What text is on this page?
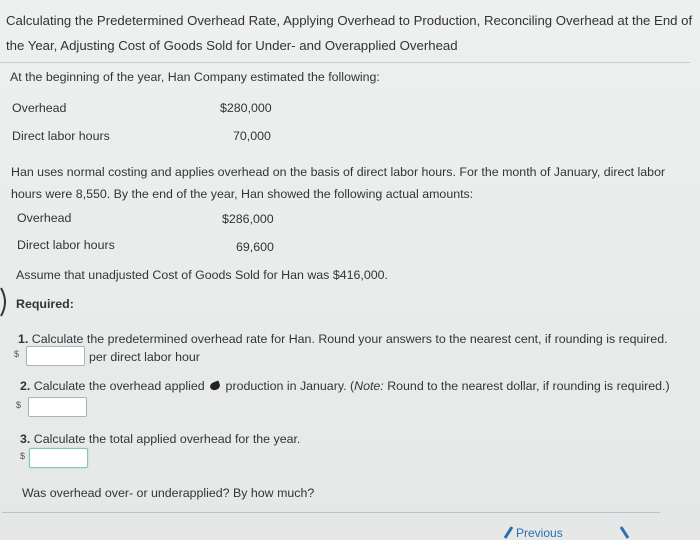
Calculating the Predetermined Overhead Rate, Applying Overhead to Production, Reconciling Overhead at the End of the Year, Adjusting Cost of Goods Sold for Under- and Overapplied Overhead
At the beginning of the year, Han Company estimated the following:
Overhead	$280,000
Direct labor hours	70,000
Han uses normal costing and applies overhead on the basis of direct labor hours. For the month of January, direct labor hours were 8,550. By the end of the year, Han showed the following actual amounts:
Overhead	$286,000
Direct labor hours	69,600
Assume that unadjusted Cost of Goods Sold for Han was $416,000.
Required:
1. Calculate the predetermined overhead rate for Han. Round your answers to the nearest cent, if rounding is required.
$	per direct labor hour
2. Calculate the overhead applied production in January. (Note: Round to the nearest dollar, if rounding is required.)
$
3. Calculate the total applied overhead for the year.
$
Was overhead over- or underapplied? By how much?
Previous
